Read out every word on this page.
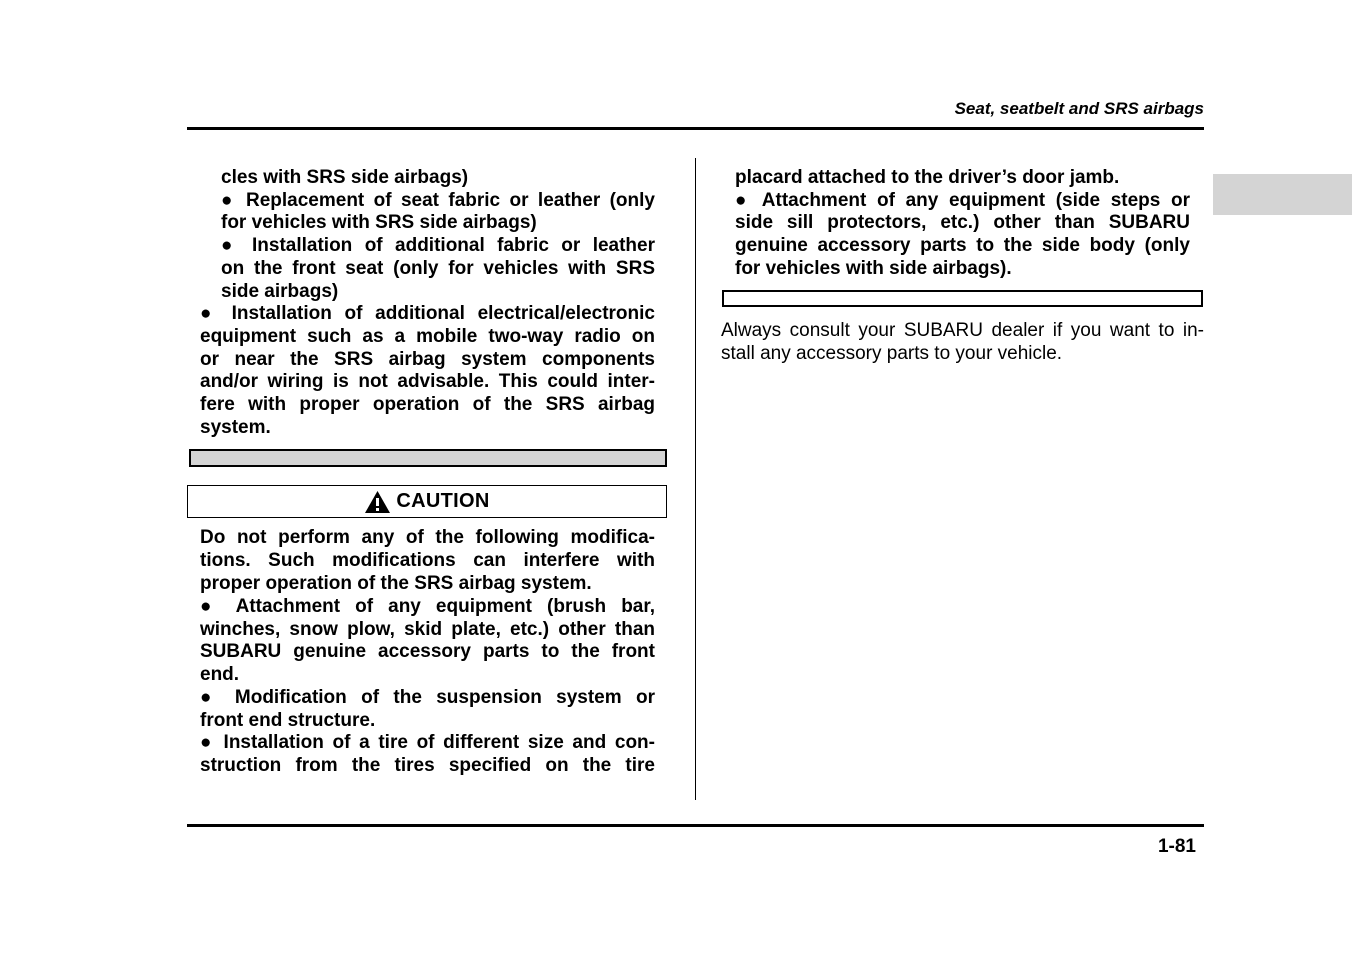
Seat, seatbelt and SRS airbags
cles with SRS side airbags)
● Replacement of seat fabric or leather (only
for vehicles with SRS side airbags)
● Installation of additional fabric or leather
on the front seat (only for vehicles with SRS
side airbags)
● Installation of additional electrical/electronic
equipment such as a mobile two-way radio on
or near the SRS airbag system components
and/or wiring is not advisable. This could inter-
fere with proper operation of the SRS airbag
system.
CAUTION
Do not perform any of the following modifica-
tions. Such modifications can interfere with
proper operation of the SRS airbag system.
● Attachment of any equipment (brush bar,
winches, snow plow, skid plate, etc.) other than
SUBARU genuine accessory parts to the front
end.
● Modification of the suspension system or
front end structure.
● Installation of a tire of different size and con-
struction from the tires specified on the tire
placard attached to the driver’s door jamb.
● Attachment of any equipment (side steps or
side sill protectors, etc.) other than SUBARU
genuine accessory parts to the side body (only
for vehicles with side airbags).
Always consult your SUBARU dealer if you want to in-
stall any accessory parts to your vehicle.
1-81
